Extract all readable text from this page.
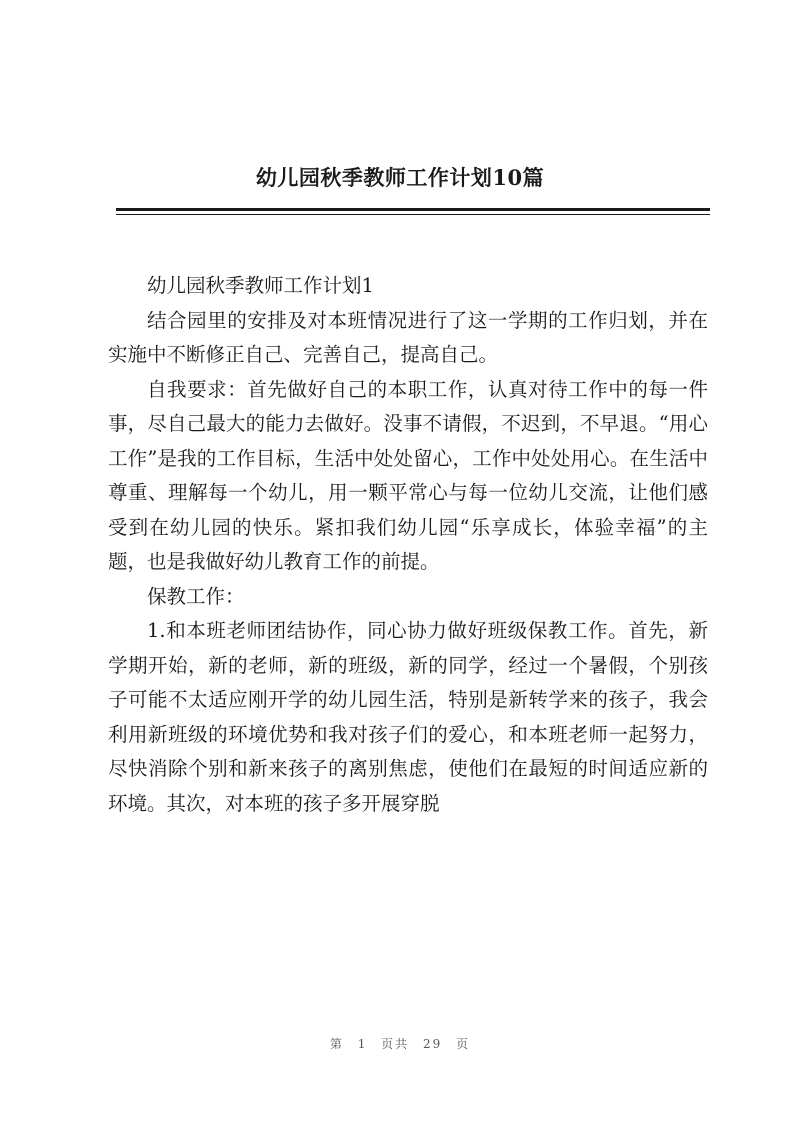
幼儿园秋季教师工作计划10篇

幼儿园秋季教师工作计划1

结合园里的安排及对本班情况进行了这一学期的工作归划，并在实施中不断修正自己、完善自己，提高自己。

自我要求：首先做好自己的本职工作，认真对待工作中的每一件事，尽自己最大的能力去做好。没事不请假，不迟到，不早退。“用心工作”是我的工作目标，生活中处处留心，工作中处处用心。在生活中尊重、理解每一个幼儿，用一颗平常心与每一位幼儿交流，让他们感受到在幼儿园的快乐。紧扣我们幼儿园“乐享成长，体验幸福”的主题，也是我做好幼儿教育工作的前提。

保教工作：

1.和本班老师团结协作，同心协力做好班级保教工作。首先，新学期开始，新的老师，新的班级，新的同学，经过一个暑假，个别孩子可能不太适应刚开学的幼儿园生活，特别是新转学来的孩子，我会利用新班级的环境优势和我对孩子们的爱心，和本班老师一起努力，尽快消除个别和新来孩子的离别焦虑，使他们在最短的时间适应新的环境。其次，对本班的孩子多开展穿脱

第 1 页共 29 页
